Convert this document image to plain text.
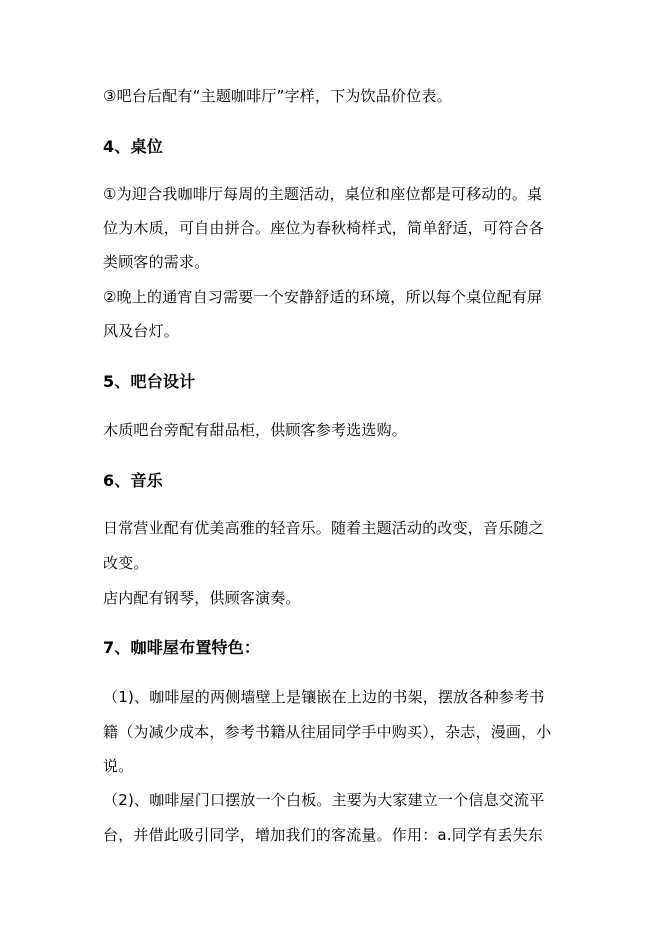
③吧台后配有“主题咖啡厅”字样，下为饮品价位表。
4、桌位
①为迎合我咖啡厅每周的主题活动，桌位和座位都是可移动的。桌
位为木质，可自由拼合。座位为春秋椅样式，简单舒适，可符合各
类顾客的需求。
②晚上的通宵自习需要一个安静舒适的环境，所以每个桌位配有屏
风及台灯。
5、吧台设计
木质吧台旁配有甜品柜，供顾客参考选选购。
6、音乐
日常营业配有优美高雅的轻音乐。随着主题活动的改变，音乐随之
改变。
店内配有钢琴，供顾客演奏。
7、咖啡屋布置特色：
（1)、咖啡屋的两侧墙壁上是镶嵌在上边的书架，摆放各种参考书
籍（为减少成本，参考书籍从往届同学手中购买），杂志，漫画，小
说。
（2)、咖啡屋门口摆放一个白板。主要为大家建立一个信息交流平
台，并借此吸引同学，增加我们的客流量。作用：a.同学有丢失东
